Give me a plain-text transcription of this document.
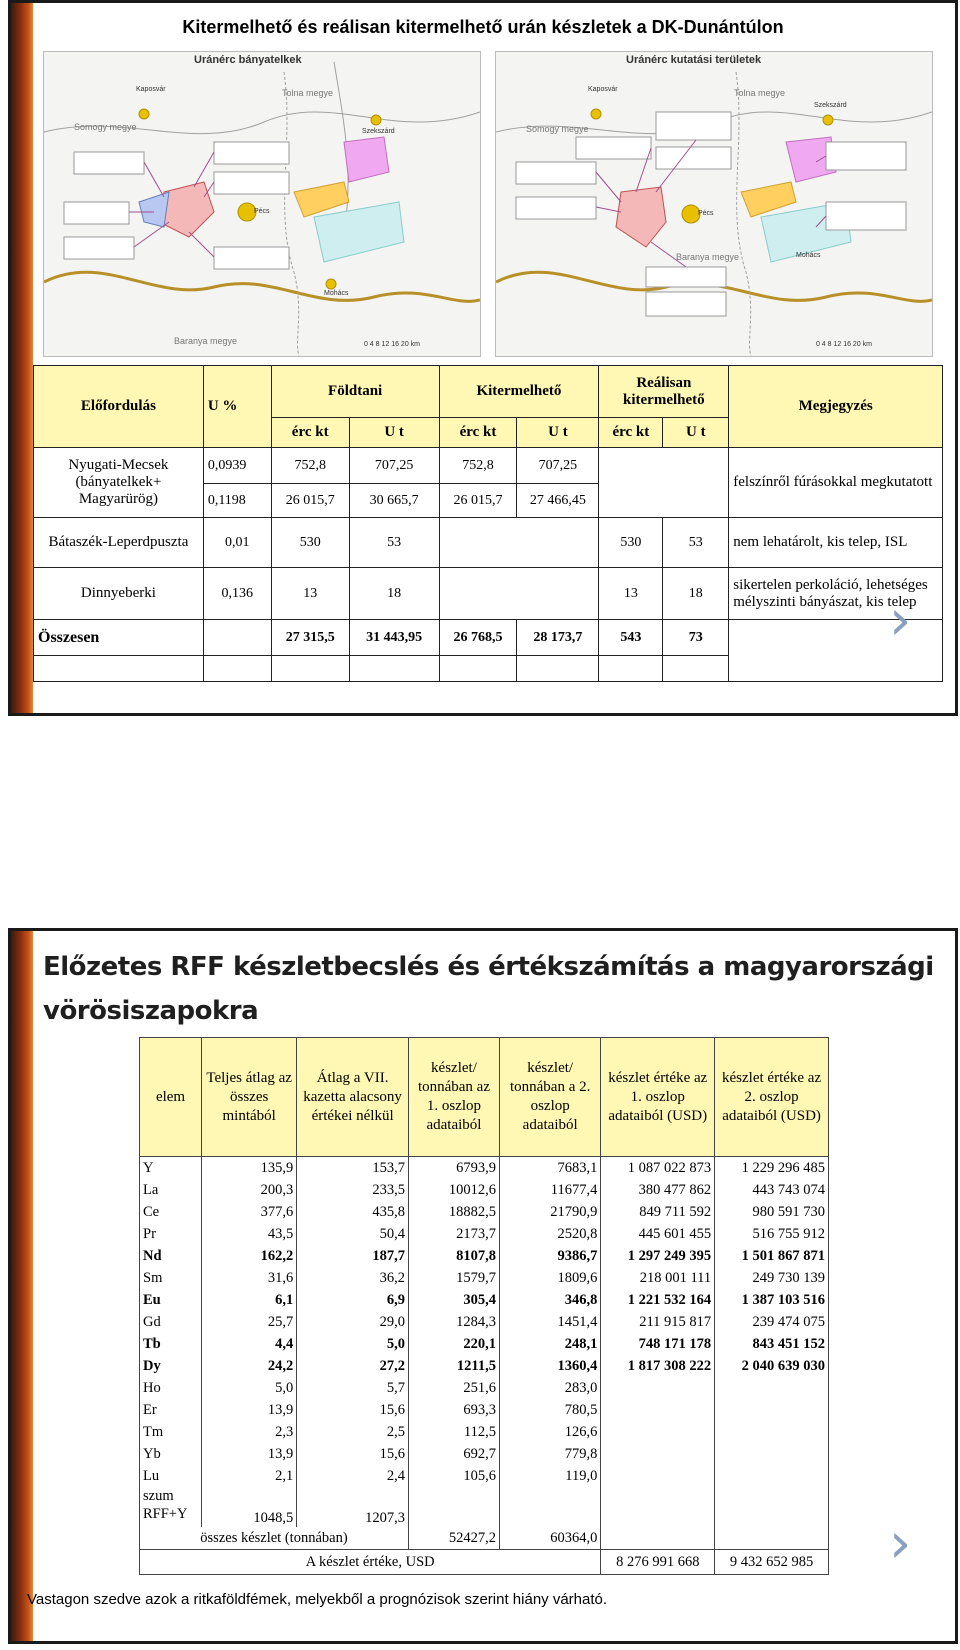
Kitermelhető és reálisan kitermelhető urán készletek a DK-Dunántúlon
Uránérc bányatelkek
Kaposvár	Tolna megye
Somogy megye	Szekszárd
Pécs
Mohács
Baranya megye	0 4 8 12 16 20 km
Uránérc kutatási területek
Kaposvár	Tolna megye
Somogy megye
Szekszárd
Pécs
Mohács
Baranya megye
0 4 8 12 16 20 km
Előfordulás	U %	Földtani		Kitermelhető		Reálisan kitermelhető		Megjegyzés
		érc kt	U t	érc kt	U t	érc kt	U t	
Nyugati-Mecsek (bányatelkek+ Magyarürög)	0,0939	752,8	707,25	752,8	707,25			felszínről fúrásokkal megkutatott
	0,1198	26 015,7	30 665,7	26 015,7	27 466,45			
Bátaszék-Leperdpuszta	0,01	530	53			530	53	nem lehatárolt, kis telep, ISL
Dinnyeberki	0,136	13	18			13	18	sikertelen perkoláció, lehetséges mélyszinti bányászat, kis telep
Összesen		27 315,5	31 443,95	26 768,5	28 173,7	543	73	
								›
Előzetes RFF készletbecslés és értékszámítás a magyarországi
vörösiszapokra
elem	Teljes átlag az összes mintából	Átlag a VII. kazetta alacsony értékei nélkül	készlet/ tonnában az 1. oszlop adataiból	készlet/ tonnában a 2. oszlop adataiból	készlet értéke az 1. oszlop adataiból (USD)	készlet értéke az 2. oszlop adataiból (USD)
Y	135,9	153,7	6793,9	7683,1	1 087 022 873	1 229 296 485
La	200,3	233,5	10012,6	11677,4	380 477 862	443 743 074
Ce	377,6	435,8	18882,5	21790,9	849 711 592	980 591 730
Pr	43,5	50,4	2173,7	2520,8	445 601 455	516 755 912
Nd	162,2	187,7	8107,8	9386,7	1 297 249 395	1 501 867 871
Sm	31,6	36,2	1579,7	1809,6	218 001 111	249 730 139
Eu	6,1	6,9	305,4	346,8	1 221 532 164	1 387 103 516
Gd	25,7	29,0	1284,3	1451,4	211 915 817	239 474 075
Tb	4,4	5,0	220,1	248,1	748 171 178	843 451 152
Dy	24,2	27,2	1211,5	1360,4	1 817 308 222	2 040 639 030
Ho	5,0	5,7	251,6	283,0		
Er	13,9	15,6	693,3	780,5		
Tm	2,3	2,5	112,5	126,6		
Yb	13,9	15,6	692,7	779,8		
Lu	2,1	2,4	105,6	119,0		
szum RFF+Y	1048,5	1207,3				
összes készlet (tonnában)			52427,2	60364,0		
A készlet értéke, USD					8 276 991 668	9 432 652 985
Vastagon szedve azok a ritkaföldfémek, melyekből a prognózisok szerint hiány várható.
›
